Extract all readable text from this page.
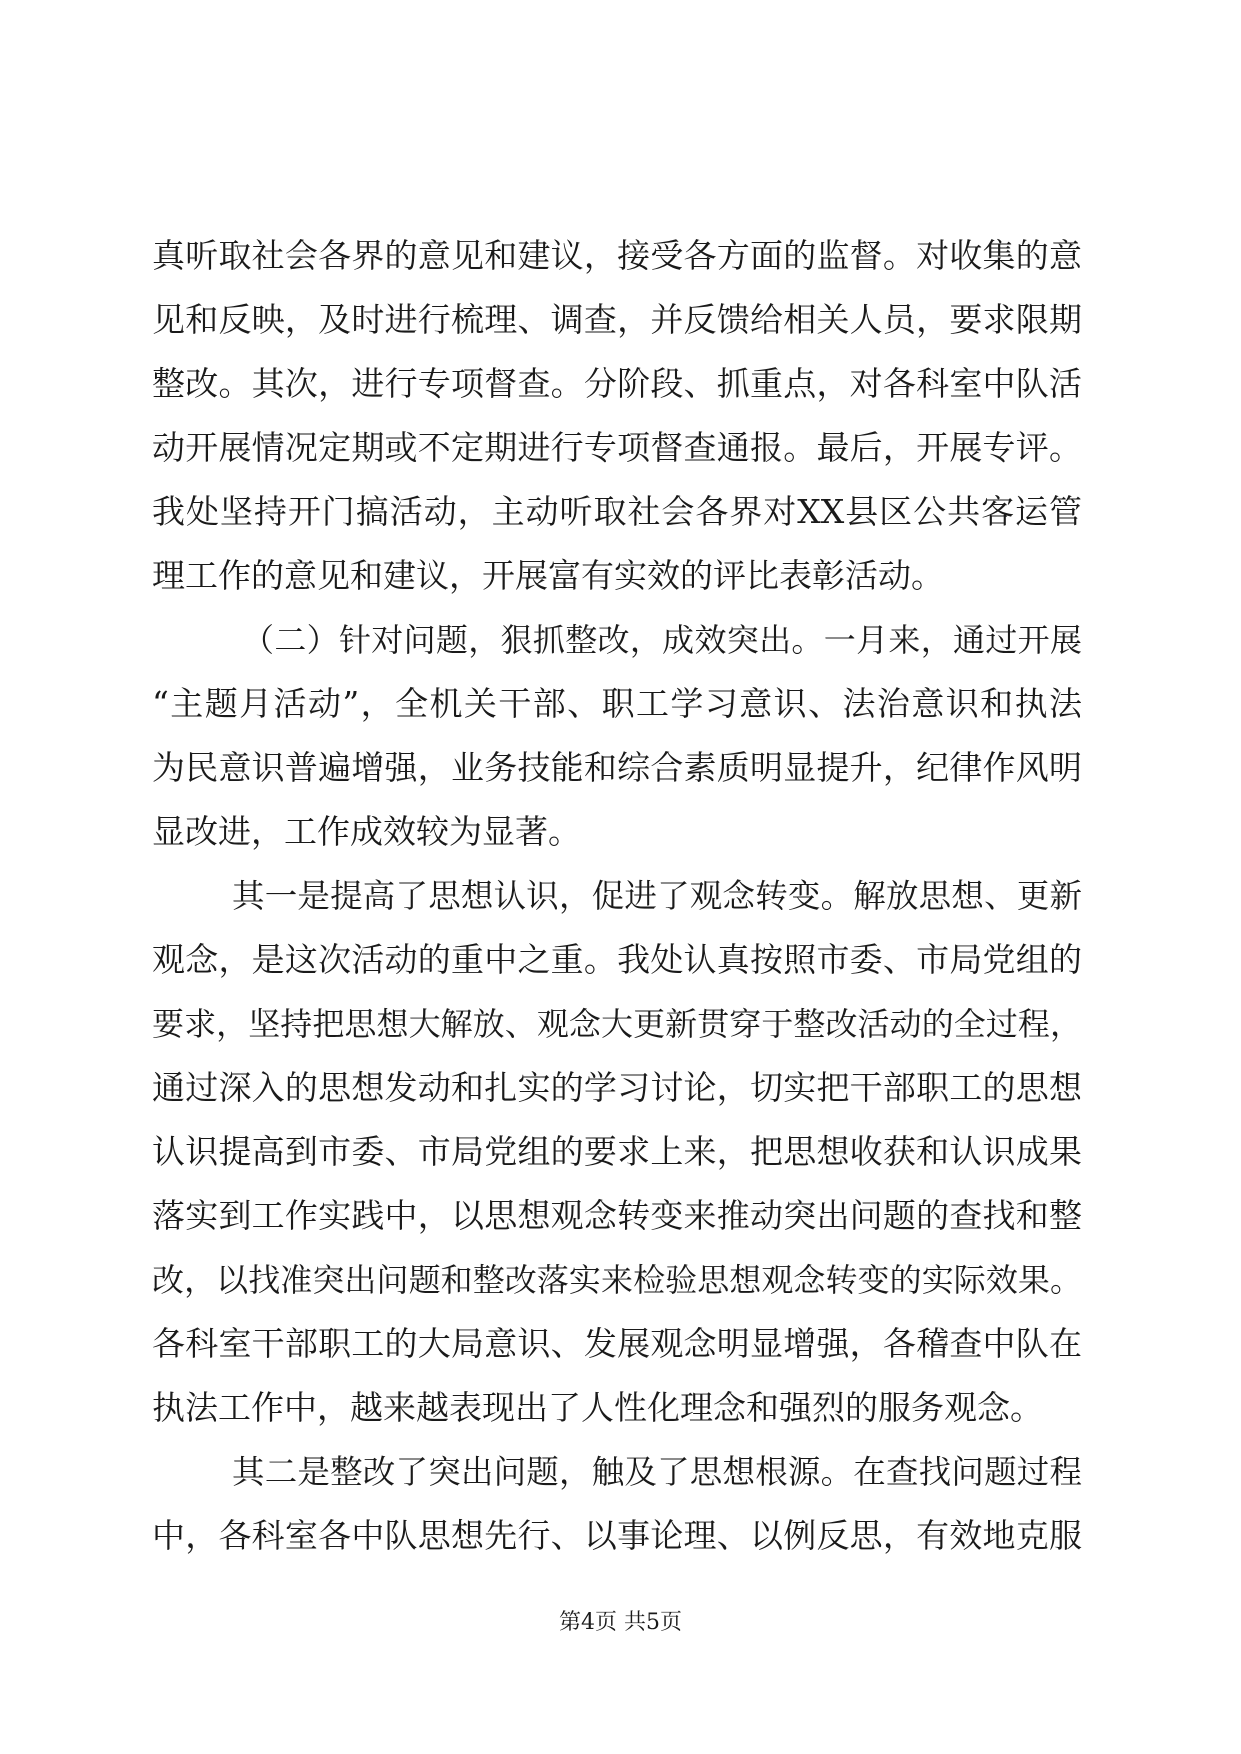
真听取社会各界的意见和建议，接受各方面的监督。对收集的意
见和反映，及时进行梳理、调查，并反馈给相关人员，要求限期
整改。其次，进行专项督查。分阶段、抓重点，对各科室中队活
动开展情况定期或不定期进行专项督查通报。最后，开展专评。
我处坚持开门搞活动，主动听取社会各界对XX县区公共客运管
理工作的意见和建议，开展富有实效的评比表彰活动。
（二）针对问题，狠抓整改，成效突出。一月来，通过开展
“主题月活动”，全机关干部、职工学习意识、法治意识和执法
为民意识普遍增强，业务技能和综合素质明显提升，纪律作风明
显改进，工作成效较为显著。
其一是提高了思想认识，促进了观念转变。解放思想、更新
观念，是这次活动的重中之重。我处认真按照市委、市局党组的
要求，坚持把思想大解放、观念大更新贯穿于整改活动的全过程，
通过深入的思想发动和扎实的学习讨论，切实把干部职工的思想
认识提高到市委、市局党组的要求上来，把思想收获和认识成果
落实到工作实践中，以思想观念转变来推动突出问题的查找和整
改，以找准突出问题和整改落实来检验思想观念转变的实际效果。
各科室干部职工的大局意识、发展观念明显增强，各稽查中队在
执法工作中，越来越表现出了人性化理念和强烈的服务观念。
其二是整改了突出问题，触及了思想根源。在查找问题过程
中，各科室各中队思想先行、以事论理、以例反思，有效地克服
第4页 共5页
